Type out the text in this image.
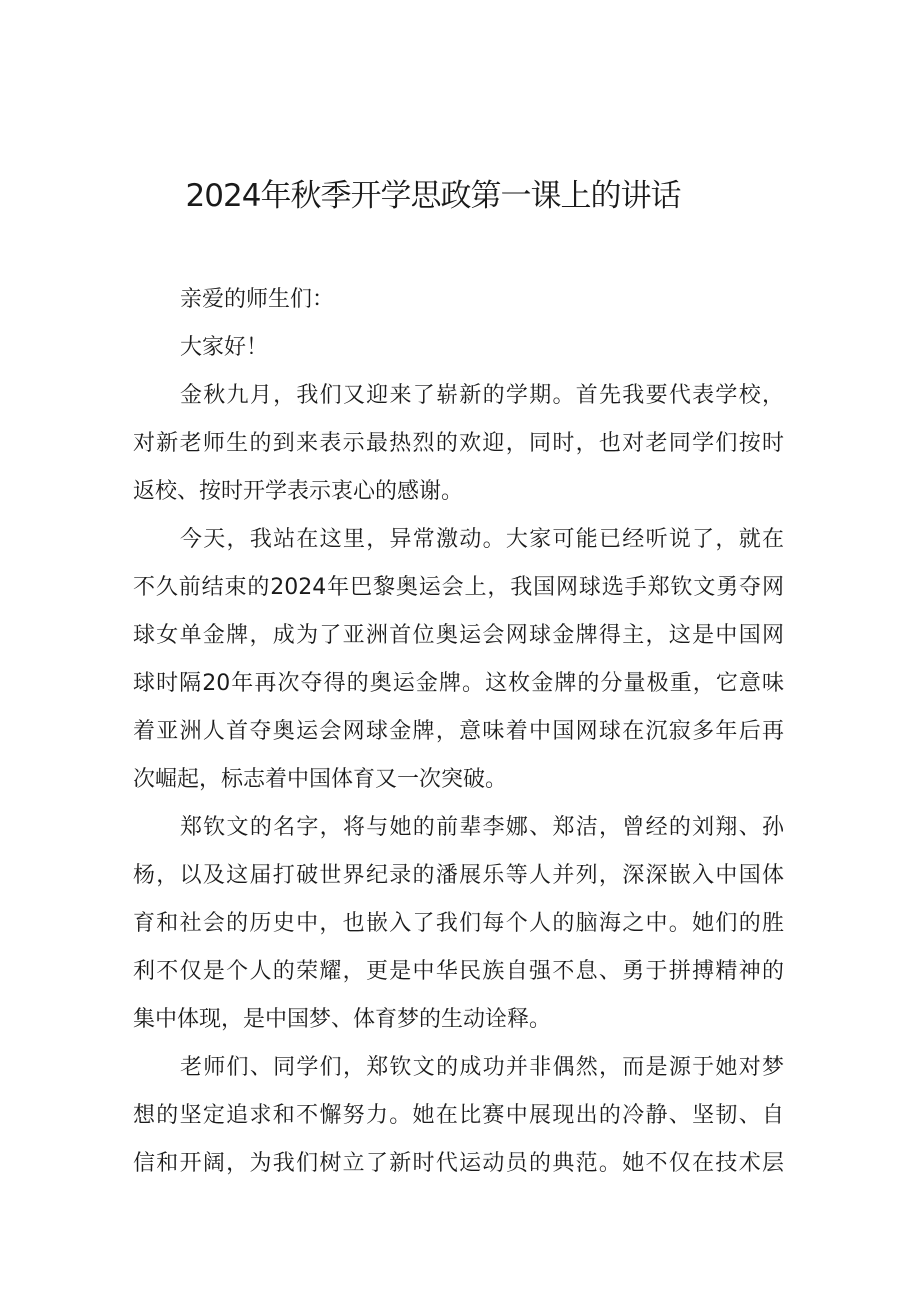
2024年秋季开学思政第一课上的讲话
亲爱的师生们：
大家好！
金秋九月，我们又迎来了崭新的学期。首先我要代表学校，
对新老师生的到来表示最热烈的欢迎，同时，也对老同学们按时
返校、按时开学表示衷心的感谢。
今天，我站在这里，异常激动。大家可能已经听说了，就在
不久前结束的2024年巴黎奥运会上，我国网球选手郑钦文勇夺网
球女单金牌，成为了亚洲首位奥运会网球金牌得主，这是中国网
球时隔20年再次夺得的奥运金牌。这枚金牌的分量极重，它意味
着亚洲人首夺奥运会网球金牌，意味着中国网球在沉寂多年后再
次崛起，标志着中国体育又一次突破。
郑钦文的名字，将与她的前辈李娜、郑洁，曾经的刘翔、孙
杨，以及这届打破世界纪录的潘展乐等人并列，深深嵌入中国体
育和社会的历史中，也嵌入了我们每个人的脑海之中。她们的胜
利不仅是个人的荣耀，更是中华民族自强不息、勇于拼搏精神的
集中体现，是中国梦、体育梦的生动诠释。
老师们、同学们，郑钦文的成功并非偶然，而是源于她对梦
想的坚定追求和不懈努力。她在比赛中展现出的冷静、坚韧、自
信和开阔，为我们树立了新时代运动员的典范。她不仅在技术层
